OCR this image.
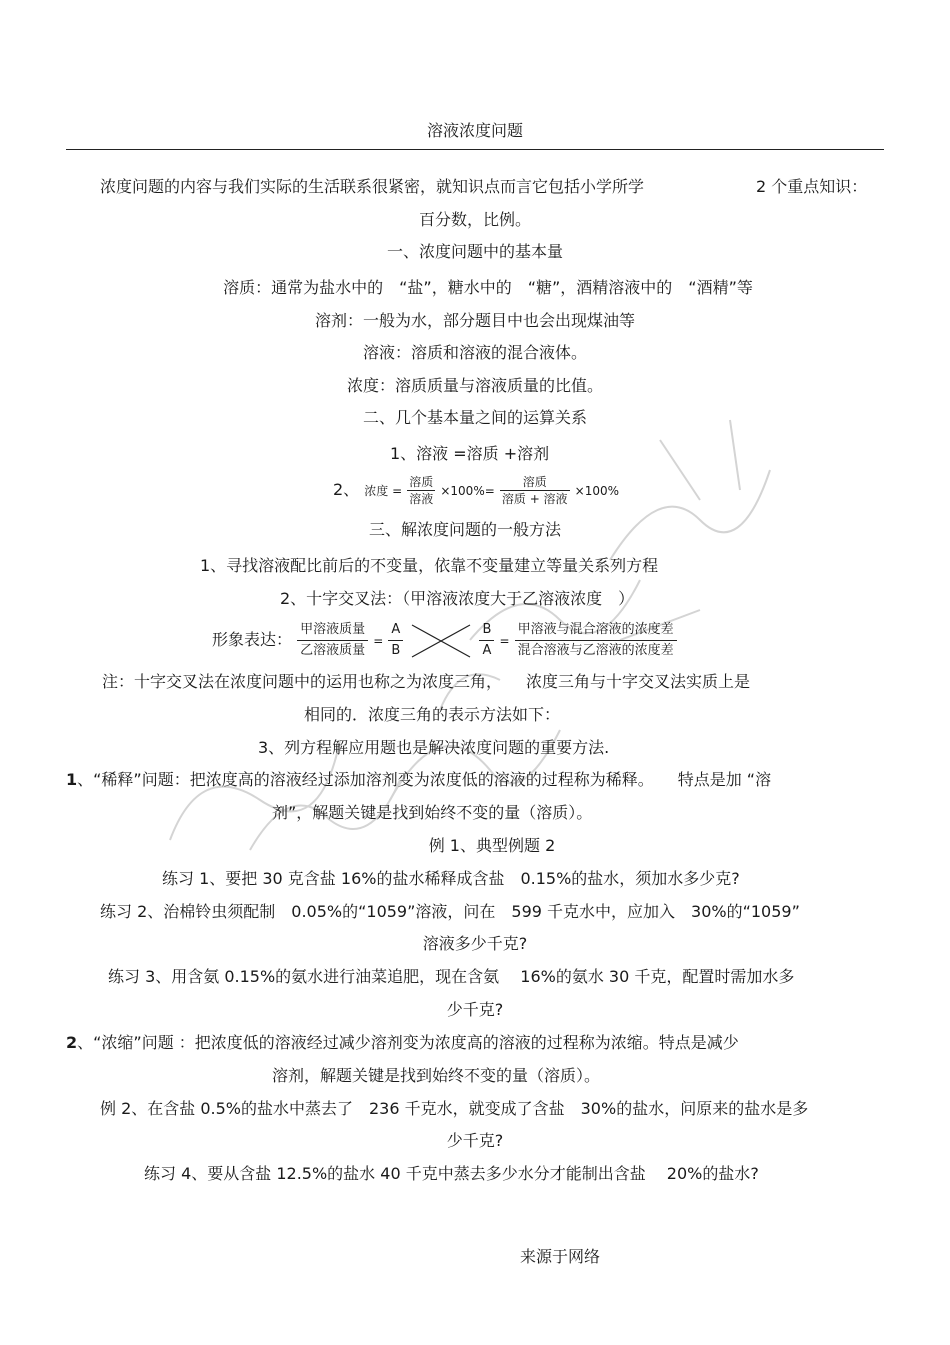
溶液浓度问题
浓度问题的内容与我们实际的生活联系很紧密，就知识点而言它包括小学所学	2 个重点知识：
百分数，比例。
一、浓度问题中的基本量
溶质：通常为盐水中的　“盐”，糖水中的　“糖”，酒精溶液中的　“酒精”等
溶剂：一般为水，部分题目中也会出现煤油等
溶液：溶质和溶液的混合液体。
浓度：溶质质量与溶液质量的比值。
二、几个基本量之间的运算关系
1、溶液 =溶质 +溶剂
2、 浓度 = $\frac{\text{溶质}}{\text{溶液}} \times 100\%= \frac{\text{溶质}}{\text{溶质 + 溶液}} \times 100\%$
三、解浓度问题的一般方法
1、寻找溶液配比前后的不变量，依靠不变量建立等量关系列方程
2、十字交叉法：（甲溶液浓度大于乙溶液浓度　）
形象表达：
甲溶液质量
乙溶液质量
= $\frac{A}{B}$
	$\frac{B}{A}$ =
甲溶液与混合溶液的浓度差
混合溶液与乙溶液的浓度差
注：十字交叉法在浓度问题中的运用也称之为浓度三角，　　浓度三角与十字交叉法实质上是
相同的．浓度三角的表示方法如下：
3、列方程解应用题也是解决浓度问题的重要方法.
1、“稀释”问题：把浓度高的溶液经过添加溶剂变为浓度低的溶液的过程称为稀释。　　特点是加 “溶
剂”，解题关键是找到始终不变的量（溶质）。
例 1、典型例题 2
练习 1、要把 30 克含盐 16%的盐水稀释成含盐　0.15%的盐水，须加水多少克?
练习 2、治棉铃虫须配制　0.05%的“1059”溶液，问在　599 千克水中，应加入　30%的“1059”
溶液多少千克?
练习 3、用含氨 0.15%的氨水进行油菜追肥，现在含氨　 16%的氨水 30 千克，配置时需加水多
少千克?
2、“浓缩”问题 ：把浓度低的溶液经过减少溶剂变为浓度高的溶液的过程称为浓缩。特点是减少
溶剂，解题关键是找到始终不变的量（溶质）。
例 2、在含盐 0.5%的盐水中蒸去了　236 千克水，就变成了含盐　30%的盐水，问原来的盐水是多
少千克?
练习 4、要从含盐 12.5%的盐水 40 千克中蒸去多少水分才能制出含盐　 20%的盐水?
来源于网络
